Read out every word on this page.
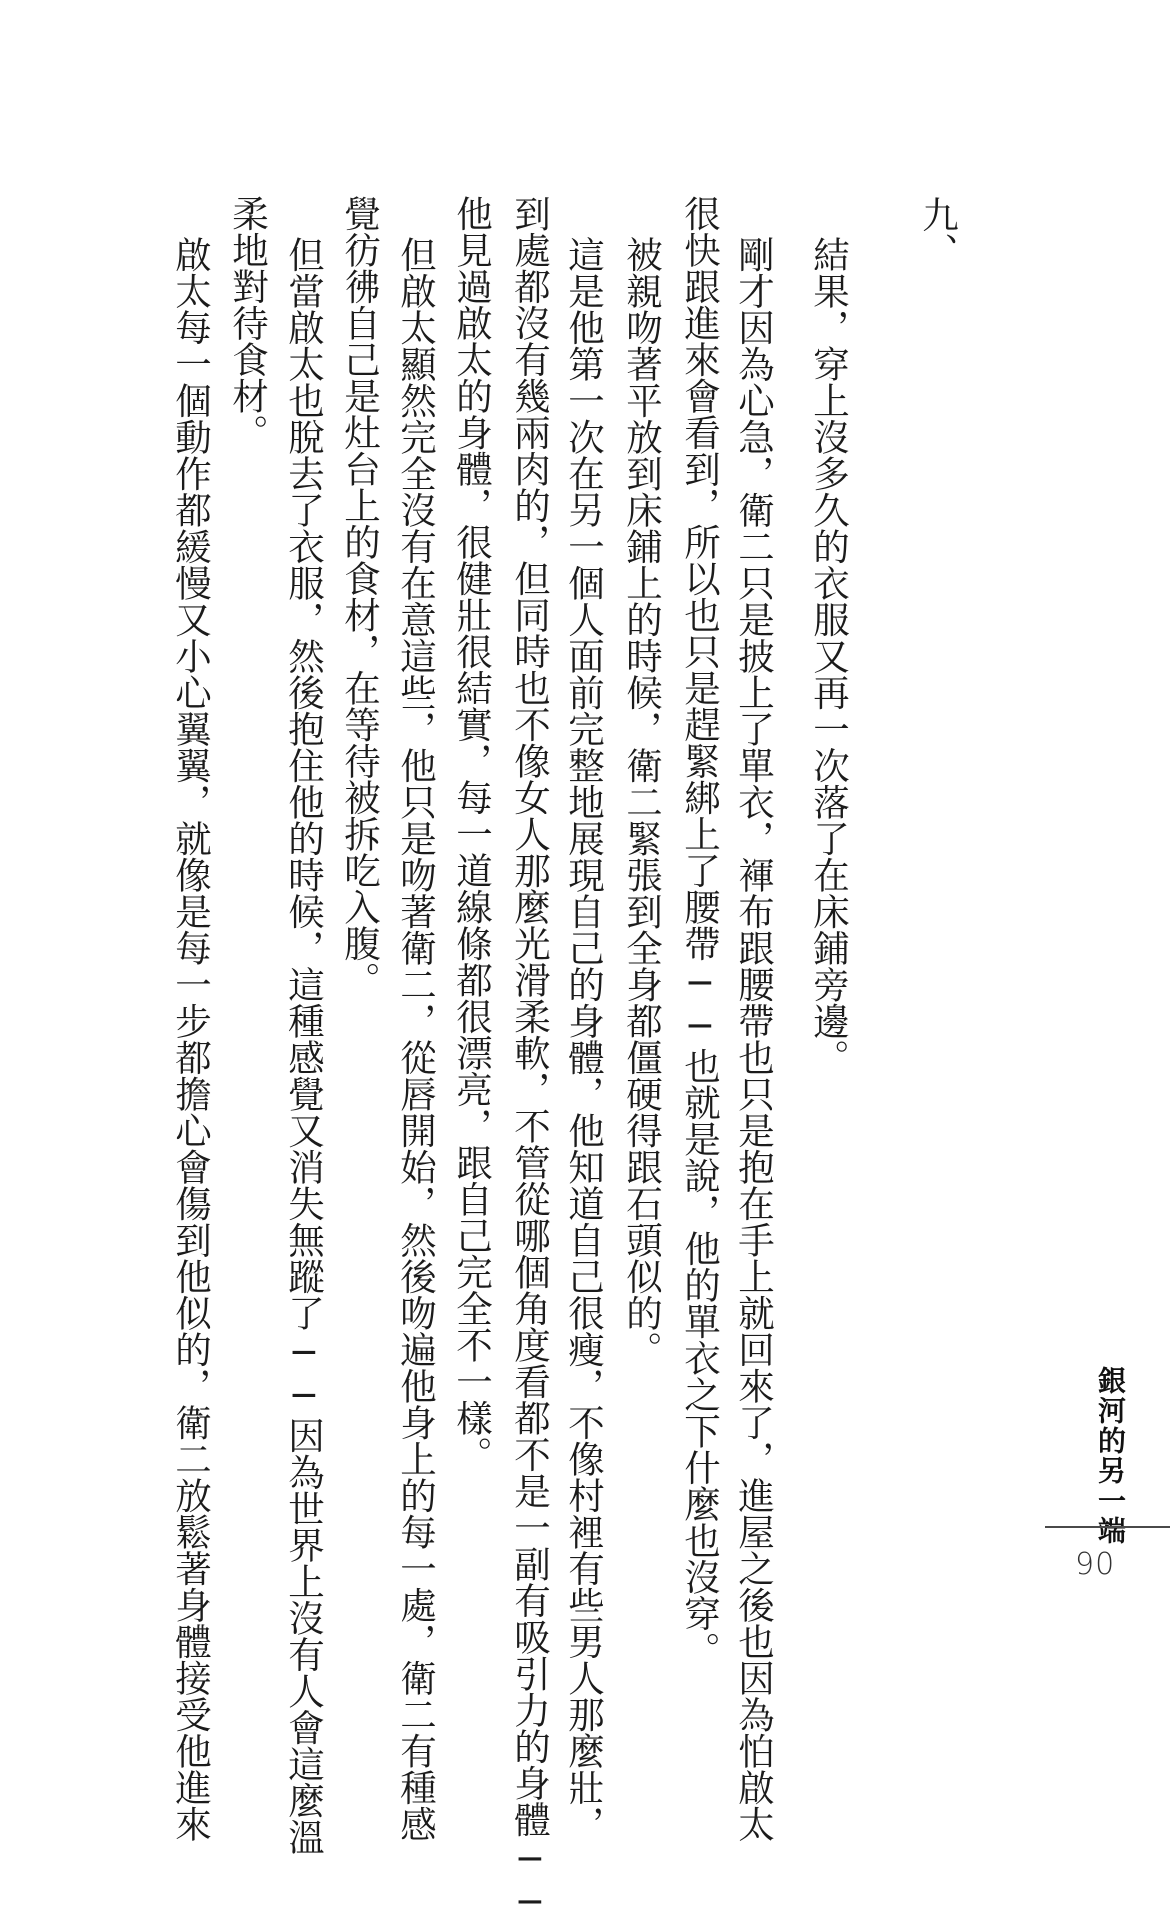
九、
結果，穿上沒多久的衣服又再一次落了在床鋪旁邊。
剛才因為心急，衛二只是披上了單衣，褌布跟腰帶也只是抱在手上就回來了，進屋之後也因為怕啟太
很快跟進來會看到，所以也只是趕緊綁上了腰帶──也就是說，他的單衣之下什麼也沒穿。
被親吻著平放到床鋪上的時候，衛二緊張到全身都僵硬得跟石頭似的。
這是他第一次在另一個人面前完整地展現自己的身體，他知道自己很瘦，不像村裡有些男人那麼壯，
到處都沒有幾兩肉的，但同時也不像女人那麼光滑柔軟，不管從哪個角度看都不是一副有吸引力的身體──
他見過啟太的身體，很健壯很結實，每一道線條都很漂亮，跟自己完全不一樣。
但啟太顯然完全沒有在意這些，他只是吻著衛二，從唇開始，然後吻遍他身上的每一處，衛二有種感
覺彷彿自己是灶台上的食材，在等待被拆吃入腹。
但當啟太也脫去了衣服，然後抱住他的時候，這種感覺又消失無蹤了──因為世界上沒有人會這麼溫
柔地對待食材。
啟太每一個動作都緩慢又小心翼翼，就像是每一步都擔心會傷到他似的，衛二放鬆著身體接受他進來	銀河的另一端
90
